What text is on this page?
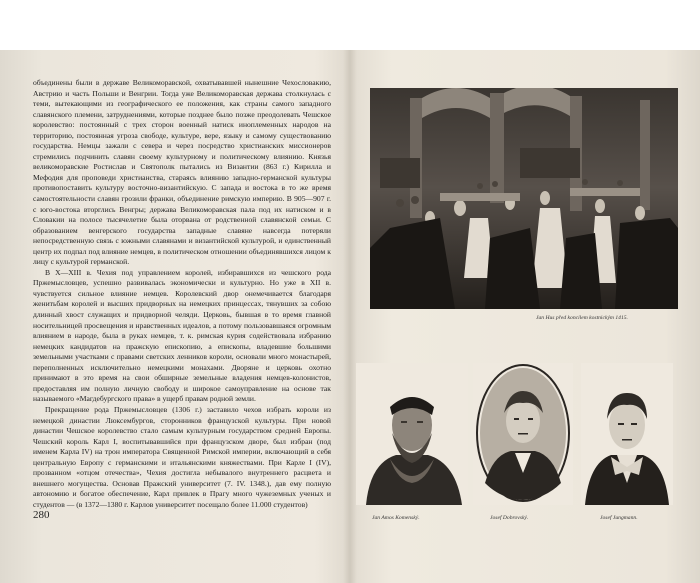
объединены были в державе Великоморавской, охватывавшей нынешние Чехословакию, Австрию и часть Польши и Венгрии. Тогда уже Великоморавская держава столкнулась с теми, вытекающими из географического ее положения, как страны самого западного славянского племени, затруднениями, которые позднее было позже преодолевать Чешское королевство: постоянный с трех сторон военный натиск иноплеменных народов на территорию, постоянная угроза свободе, культуре, вере, языку и самому существованию государства. Немцы зажали с севера и через посредство христианских миссионеров стремились подчинить славян своему культурному и политическому влиянию. Князья великоморавские Ростислав и Святополк пытались из Византии (863 г.) Кирилла и Мефодия для проповеди христианства, стараясь влиянию западно-германской культуры противопоставить культуру восточно-византийскую. С запада и востока в то же время самостоятельности славян грозили франки, объединение римскую империю. В 905—907 г. с юго-востока вторглись Венгры; держава Великоморавская пала под их натиском и в Словакии на полосе тысячелетие была оторвана от родственной славянской семьи. С образованием венгерского государства западные славяне навсегда потеряли непосредственную связь с южными славянами и византийской культурой, и единственный центр их подпал под влияние немцев, в политическом отношении объединявшихся лицом к лицу с культурой германской.

В X—XIII в. Чехия под управлением королей, избиравшихся из чешского рода Пржемысловцев, успешно развивалась экономически и культурно. Но уже в XII в. чувствуется сильное влияние немцев. Королевский двор онемечивается благодаря женитьбам королей и высших придворных на немецких принцессах, тянувших за собою длинный хвост служащих и придворной челяди. Церковь, бывшая в то время главной носительницей просвещения и нравственных идеалов, а потому пользовавшаяся огромным влиянием в народе, была в руках немцев, т. к. римская курия содействовала избранию немецких кандидатов на пражскую епископию, а епископы, владевшие большими земельными участками с правами светских ленников короли, основали много монастырей, переполненных исключительно немецкими монахами. Дворяне и церковь охотно принимают в это время на свои обширные земельные владения немцев-колонистов, предоставляя им полную личную свободу и широкое самоуправление на основе так называемого «Магдебургского права» в ущерб правам родной земли.

Прекращение рода Пржемысловцев (1306 г.) заставило чехов избрать короли из немецкой династии Люксембургов, сторонников французской культуры. При новой династии Чешское королевство стало самым культурным государством средней Европы. Чешский король Карл I, воспитывавшийся при французском дворе, был избран (под именем Карла IV) на трон императора Священной Римской империи, включающий в себя центральную Европу с германскими и итальянскими княжествами. При Карле I (IV), прозванном «отцом отечества», Чехия достигла небывалого внутреннего расцвета и внешнего могущества. Основав Пражский университет (7. IV. 1348.), дав ему полную автономию и богатое обеспечение, Карл привлек в Прагу много чужеземных ученых и студентов — (в 1372—1380 г. Карлов университет посещало более 11.000 студентов)

280
Jan Hus před koncilem kostnickým 1415.
Jan Amos Komenský.	Josef Dobrovský.	Josef Jungmann.
